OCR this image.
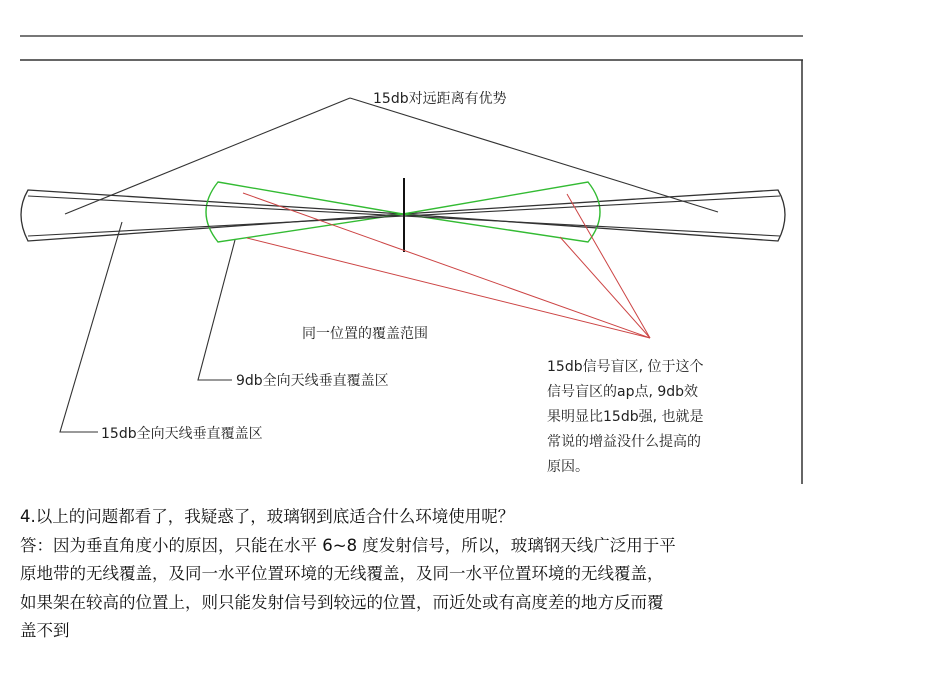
15db对远距离有优势
9db全向天线垂直覆盖区
15db全向天线垂直覆盖区
同一位置的覆盖范围
15db信号盲区, 位于这个
信号盲区的ap点, 9db效
果明显比15db强, 也就是
常说的增益没什么提高的
原因。

4.以上的问题都看了，我疑惑了，玻璃钢到底适合什么环境使用呢？

答：因为垂直角度小的原因，只能在水平 6~8 度发射信号，所以，玻璃钢天线广泛用于平

原地带的无线覆盖，及同一水平位置环境的无线覆盖，及同一水平位置环境的无线覆盖，

如果架在较高的位置上，则只能发射信号到较远的位置，而近处或有高度差的地方反而覆

盖不到
